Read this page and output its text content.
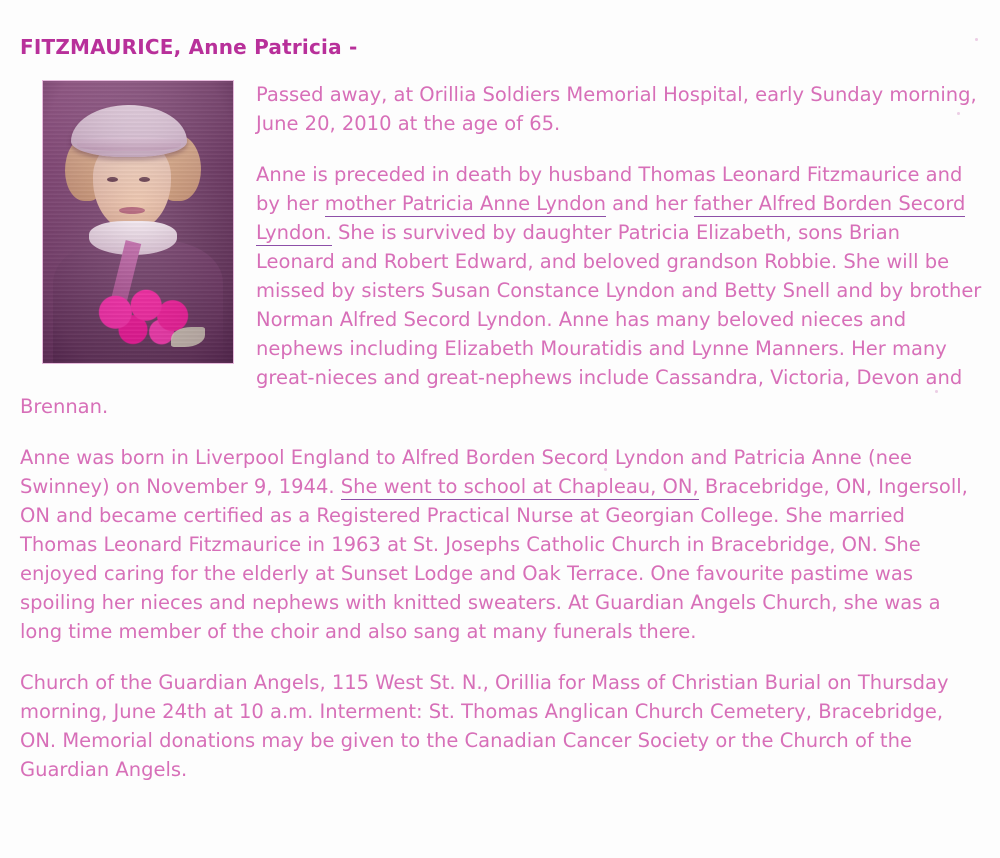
FITZMAURICE, Anne Patricia -

Passed away, at Orillia Soldiers Memorial Hospital, early Sunday morning, June 20, 2010 at the age of 65.

Anne is preceded in death by husband Thomas Leonard Fitzmaurice and by her mother Patricia Anne Lyndon and her father Alfred Borden Secord Lyndon. She is survived by daughter Patricia Elizabeth, sons Brian Leonard and Robert Edward, and beloved grandson Robbie. She will be missed by sisters Susan Constance Lyndon and Betty Snell and by brother Norman Alfred Secord Lyndon. Anne has many beloved nieces and nephews including Elizabeth Mouratidis and Lynne Manners. Her many great-nieces and great-nephews include Cassandra, Victoria, Devon and Brennan.

Anne was born in Liverpool England to Alfred Borden Secord Lyndon and Patricia Anne (nee Swinney) on November 9, 1944. She went to school at Chapleau, ON, Bracebridge, ON, Ingersoll, ON and became certified as a Registered Practical Nurse at Georgian College. She married Thomas Leonard Fitzmaurice in 1963 at St. Josephs Catholic Church in Bracebridge, ON. She enjoyed caring for the elderly at Sunset Lodge and Oak Terrace. One favourite pastime was spoiling her nieces and nephews with knitted sweaters. At Guardian Angels Church, she was a long time member of the choir and also sang at many funerals there.

Church of the Guardian Angels, 115 West St. N., Orillia for Mass of Christian Burial on Thursday morning, June 24th at 10 a.m. Interment: St. Thomas Anglican Church Cemetery, Bracebridge, ON. Memorial donations may be given to the Canadian Cancer Society or the Church of the Guardian Angels.
